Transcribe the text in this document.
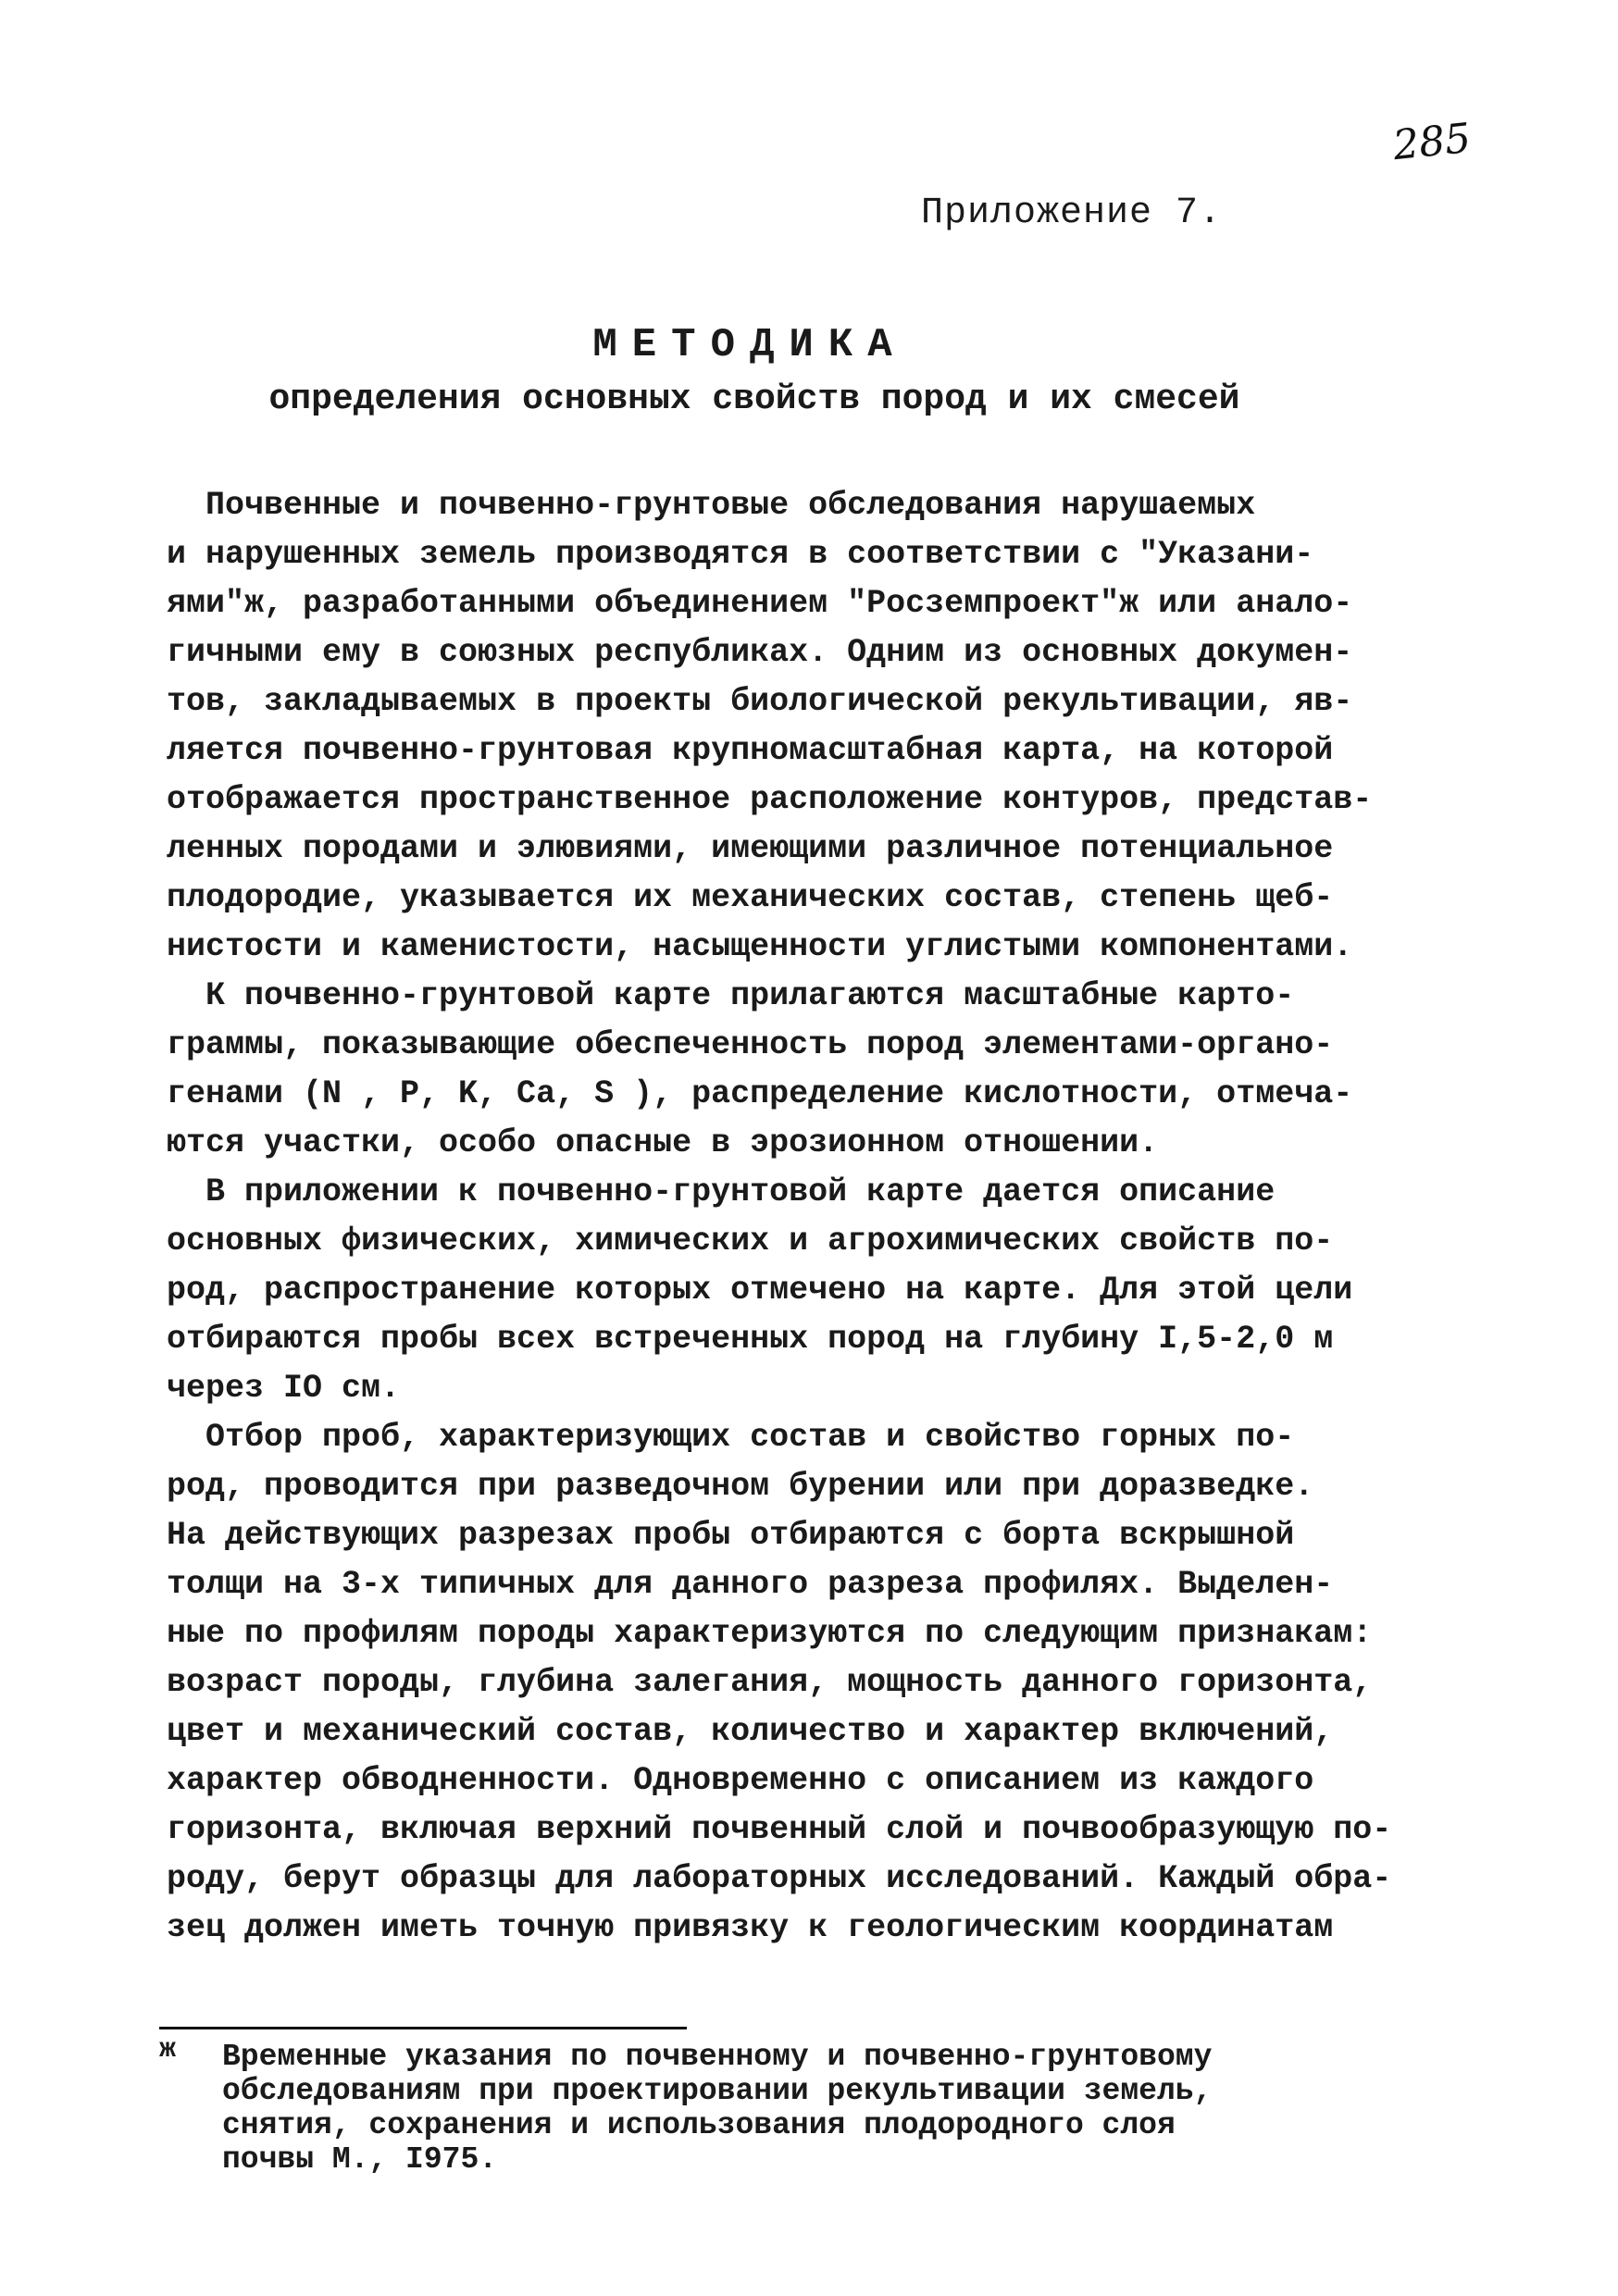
285
Приложение 7.
МЕТОДИКА
определения основных свойств пород и их смесей
Почвенные и почвенно-грунтовые обследования нарушаемых
и нарушенных земель производятся в соответствии с "Указани-
ями"ж, разработанными объединением "Росземпроект"ж или анало-
гичными ему в союзных республиках. Одним из основных докумен-
тов, закладываемых в проекты биологической рекультивации, яв-
ляется почвенно-грунтовая крупномасштабная карта, на которой
отображается пространственное расположение контуров, представ-
ленных породами и элювиями, имеющими различное потенциальное
плодородие, указывается их механических состав, степень щеб-
нистости и каменистости, насыщенности углистыми компонентами.
К почвенно-грунтовой карте прилагаются масштабные карто-
граммы, показывающие обеспеченность пород элементами-органо-
генами (N , P, K, Ca, S ), распределение кислотности, отмеча-
ются участки, особо опасные в эрозионном отношении.
В приложении к почвенно-грунтовой карте дается описание
основных физических, химических и агрохимических свойств по-
род, распространение которых отмечено на карте. Для этой цели
отбираются пробы всех встреченных пород на глубину I,5-2,0 м
через IO см.
Отбор проб, характеризующих состав и свойство горных по-
род, проводится при разведочном бурении или при доразведке.
На действующих разрезах пробы отбираются с борта вскрышной
толщи на 3-х типичных для данного разреза профилях. Выделен-
ные по профилям породы характеризуются по следующим признакам:
возраст породы, глубина залегания, мощность данного горизонта,
цвет и механический состав, количество и характер включений,
характер обводненности. Одновременно с описанием из каждого
горизонта, включая верхний почвенный слой и почвообразующую по-
роду, берут образцы для лабораторных исследований. Каждый обра-
зец должен иметь точную привязку к геологическим координатам
ж Временные указания по почвенному и почвенно-грунтовому
обследованиям при проектировании рекультивации земель,
снятия, сохранения и использования плодородного слоя
почвы М., I975.
